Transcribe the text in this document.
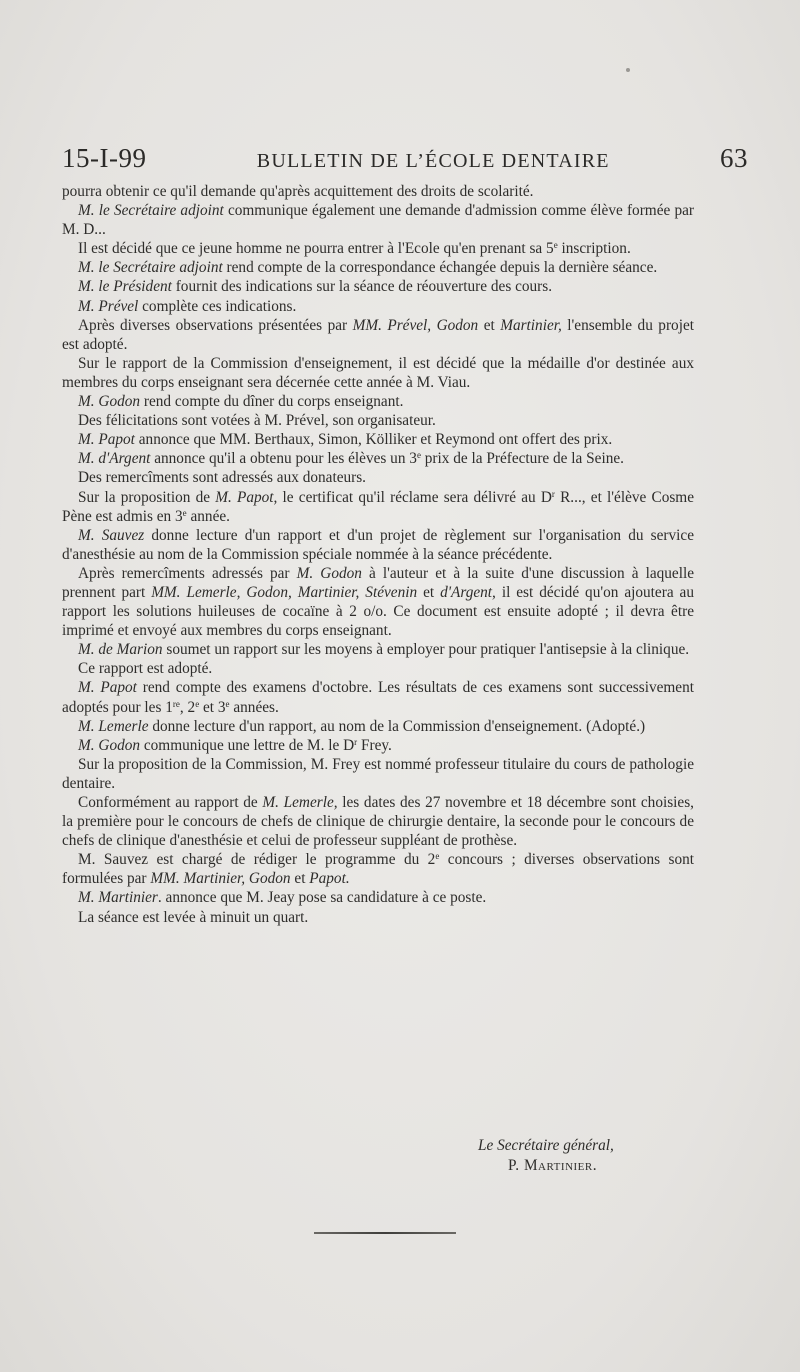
15-I-99	BULLETIN DE L’ÉCOLE DENTAIRE	63

pourra obtenir ce qu'il demande qu'après acquittement des droits de scolarité.

M. le Secrétaire adjoint communique également une demande d'admission comme élève formée par M. D...

Il est décidé que ce jeune homme ne pourra entrer à l'Ecole qu'en prenant sa 5e inscription.

M. le Secrétaire adjoint rend compte de la correspondance échangée depuis la dernière séance.

M. le Président fournit des indications sur la séance de réouverture des cours.

M. Prével complète ces indications.

Après diverses observations présentées par MM. Prével, Godon et Martinier, l'ensemble du projet est adopté.

Sur le rapport de la Commission d'enseignement, il est décidé que la médaille d'or destinée aux membres du corps enseignant sera décernée cette année à M. Viau.

M. Godon rend compte du dîner du corps enseignant.

Des félicitations sont votées à M. Prével, son organisateur.

M. Papot annonce que MM. Berthaux, Simon, Kölliker et Reymond ont offert des prix.

M. d'Argent annonce qu'il a obtenu pour les élèves un 3e prix de la Préfecture de la Seine.

Des remercîments sont adressés aux donateurs.

Sur la proposition de M. Papot, le certificat qu'il réclame sera délivré au $D^r$ R..., et l'élève Cosme Pène est admis en 3e année.

M. Sauvez donne lecture d'un rapport et d'un projet de règlement sur l'organisation du service d'anesthésie au nom de la Commission spéciale nommée à la séance précédente.

Après remercîments adressés par M. Godon à l'auteur et à la suite d'une discussion à laquelle prennent part MM. Lemerle, Godon, Martinier, Stévenin et d'Argent, il est décidé qu'on ajoutera au rapport les solutions huileuses de cocaïne à 2 o/o. Ce document est ensuite adopté ; il devra être imprimé et envoyé aux membres du corps enseignant.

M. de Marion soumet un rapport sur les moyens à employer pour pratiquer l'antisepsie à la clinique.

Ce rapport est adopté.

M. Papot rend compte des examens d'octobre. Les résultats de ces examens sont successivement adoptés pour les 1re, 2e et 3e années.

M. Lemerle donne lecture d'un rapport, au nom de la Commission d'enseignement. (Adopté.)

M. Godon communique une lettre de M. le $D^r$ Frey.

Sur la proposition de la Commission, M. Frey est nommé professeur titulaire du cours de pathologie dentaire.

Conformément au rapport de M. Lemerle, les dates des 27 novembre et 18 décembre sont choisies, la première pour le concours de chefs de clinique de chirurgie dentaire, la seconde pour le concours de chefs de clinique d'anesthésie et celui de professeur suppléant de prothèse.

M. Sauvez est chargé de rédiger le programme du 2e concours ; diverses observations sont formulées par MM. Martinier, Godon et Papot.

M. Martinier. annonce que M. Jeay pose sa candidature à ce poste.

La séance est levée à minuit un quart.

Le Secrétaire général,
P. Martinier.
